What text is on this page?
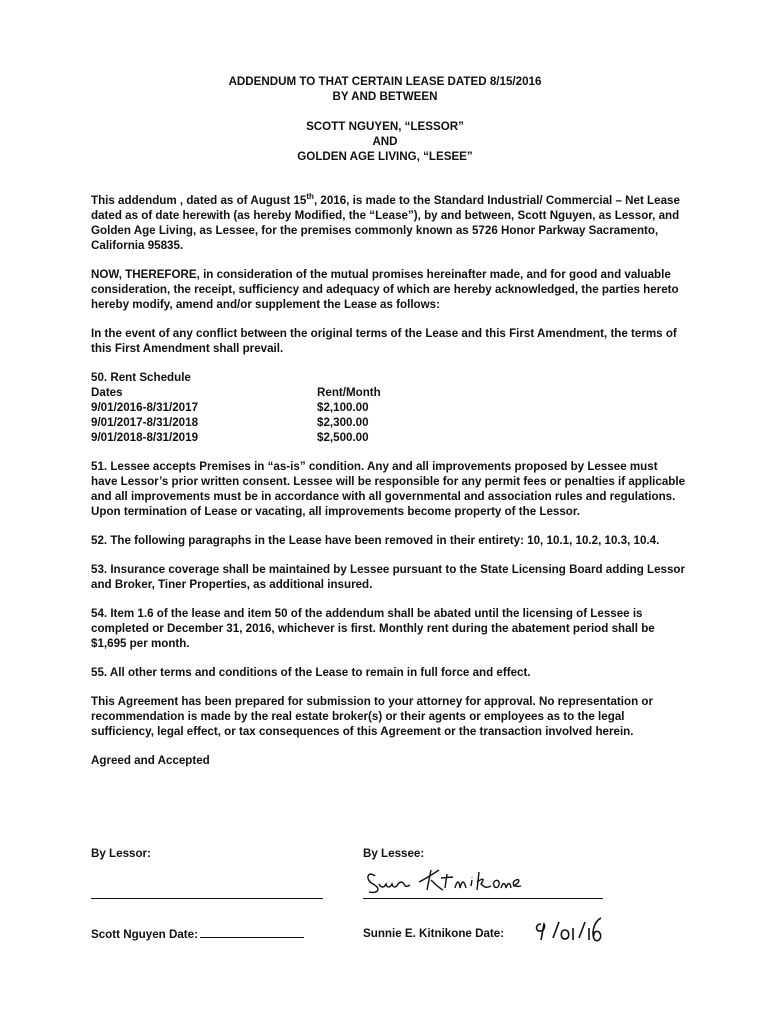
ADDENDUM TO THAT CERTAIN LEASE DATED 8/15/2016

BY AND BETWEEN

SCOTT NGUYEN, “LESSOR”

AND

GOLDEN AGE LIVING, “LESEE”

This addendum , dated as of August 15th, 2016, is made to the Standard Industrial/ Commercial – Net Lease dated as of date herewith (as hereby Modified, the “Lease”), by and between, Scott Nguyen, as Lessor, and Golden Age Living, as Lessee, for the premises commonly known as 5726 Honor Parkway Sacramento, California 95835.

NOW, THEREFORE, in consideration of the mutual promises hereinafter made, and for good and valuable consideration, the receipt, sufficiency and adequacy of which are hereby acknowledged, the parties hereto hereby modify, amend and/or supplement the Lease as follows:

In the event of any conflict between the original terms of the Lease and this First Amendment, the terms of this First Amendment shall prevail.

50. Rent Schedule
Dates	Rent/Month
9/01/2016-8/31/2017	$2,100.00
9/01/2017-8/31/2018	$2,300.00
9/01/2018-8/31/2019	$2,500.00

51. Lessee accepts Premises in “as-is” condition. Any and all improvements proposed by Lessee must have Lessor’s prior written consent. Lessee will be responsible for any permit fees or penalties if applicable and all improvements must be in accordance with all governmental and association rules and regulations. Upon termination of Lease or vacating, all improvements become property of the Lessor.

52. The following paragraphs in the Lease have been removed in their entirety: 10, 10.1, 10.2, 10.3, 10.4.

53. Insurance coverage shall be maintained by Lessee pursuant to the State Licensing Board adding Lessor and Broker, Tiner Properties, as additional insured.

54. Item 1.6 of the lease and item 50 of the addendum shall be abated until the licensing of Lessee is completed or December 31, 2016, whichever is first. Monthly rent during the abatement period shall be $1,695 per month.

55. All other terms and conditions of the Lease to remain in full force and effect.

This Agreement has been prepared for submission to your attorney for approval. No representation or recommendation is made by the real estate broker(s) or their agents or employees as to the legal sufficiency, legal effect, or tax consequences of this Agreement or the transaction involved herein.

Agreed and Accepted

By Lessor:	By Lessee:
Scott Nguyen Date:	Sunnie E. Kitnikone Date:
